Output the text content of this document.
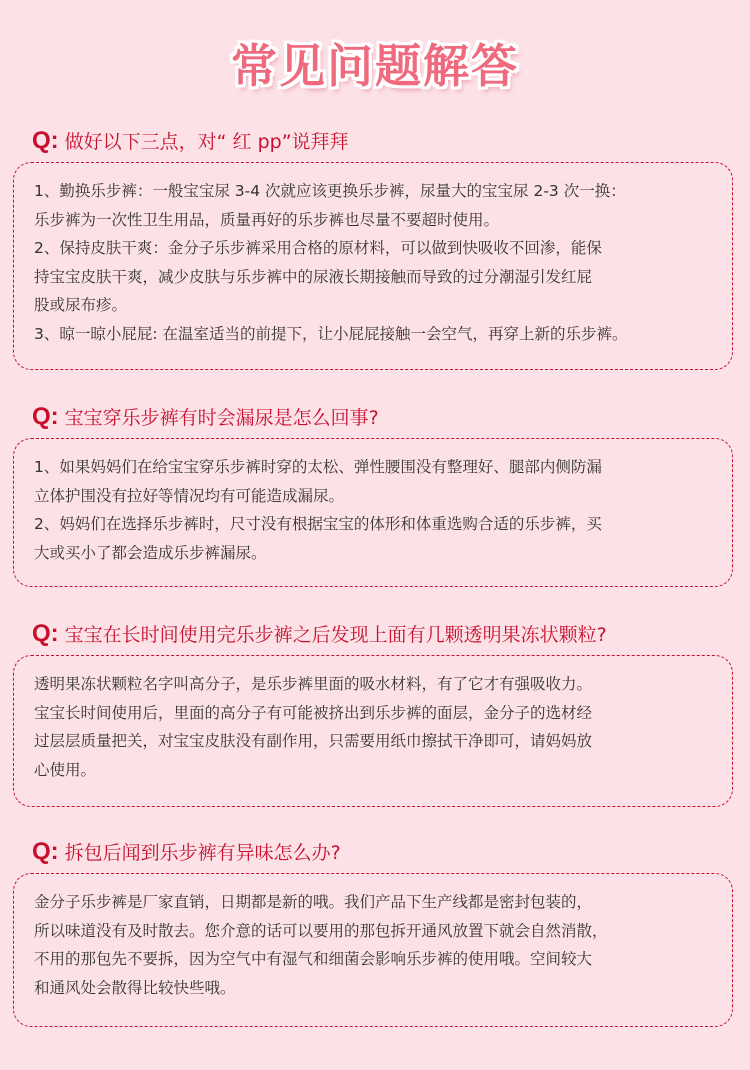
常见问题解答
Q: 做好以下三点，对“ 红 pp”说拜拜
1、勤换乐步裤：一般宝宝尿 3-4 次就应该更换乐步裤，尿量大的宝宝尿 2-3 次一换：
乐步裤为一次性卫生用品，质量再好的乐步裤也尽量不要超时使用。
2、保持皮肤干爽：金分子乐步裤采用合格的原材料，可以做到快吸收不回渗，能保
持宝宝皮肤干爽，减少皮肤与乐步裤中的尿液长期接触而导致的过分潮湿引发红屁
股或尿布疹。
3、晾一晾小屁屁: 在温室适当的前提下，让小屁屁接触一会空气，再穿上新的乐步裤。
Q: 宝宝穿乐步裤有时会漏尿是怎么回事?
1、如果妈妈们在给宝宝穿乐步裤时穿的太松、弹性腰围没有整理好、腿部内侧防漏
立体护围没有拉好等情况均有可能造成漏尿。
2、妈妈们在选择乐步裤时，尺寸没有根据宝宝的体形和体重选购合适的乐步裤，买
大或买小了都会造成乐步裤漏尿。
Q: 宝宝在长时间使用完乐步裤之后发现上面有几颗透明果冻状颗粒?
透明果冻状颗粒名字叫高分子，是乐步裤里面的吸水材料，有了它才有强吸收力。
宝宝长时间使用后，里面的高分子有可能被挤出到乐步裤的面层，金分子的选材经
过层层质量把关，对宝宝皮肤没有副作用，只需要用纸巾擦拭干净即可，请妈妈放
心使用。
Q: 拆包后闻到乐步裤有异味怎么办?
金分子乐步裤是厂家直销，日期都是新的哦。我们产品下生产线都是密封包装的，
所以味道没有及时散去。您介意的话可以要用的那包拆开通风放置下就会自然消散，
不用的那包先不要拆，因为空气中有湿气和细菌会影响乐步裤的使用哦。空间较大
和通风处会散得比较快些哦。
